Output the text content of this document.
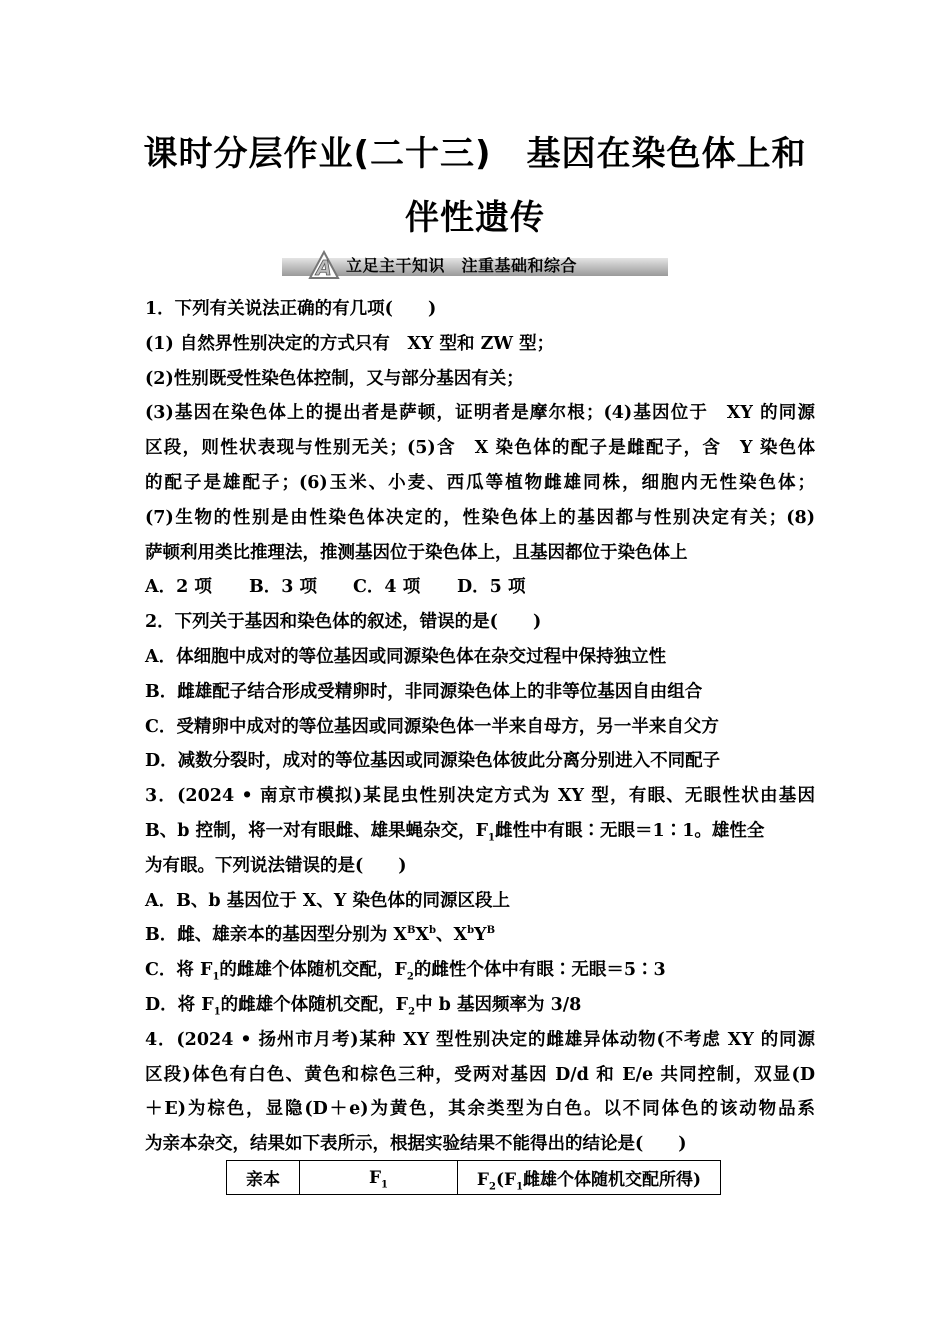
课时分层作业(二十三)　基因在染色体上和
伴性遗传
A 立足主干知识　注重基础和综合
1．下列有关说法正确的有几项(　　)
(1) 自然界性别决定的方式只有　XY 型和 ZW 型；
(2)性别既受性染色体控制，又与部分基因有关；
(3)基因在染色体上的提出者是萨顿，证明者是摩尔根；(4)基因位于　XY 的同源
区段，则性状表现与性别无关；(5)含　X 染色体的配子是雌配子，含　Y 染色体
的配子是雄配子；(6)玉米、小麦、西瓜等植物雌雄同株，细胞内无性染色体；
(7)生物的性别是由性染色体决定的，性染色体上的基因都与性别决定有关；(8)
萨顿利用类比推理法，推测基因位于染色体上，且基因都位于染色体上
A．2 项 B．3 项 C．4 项 D．5 项
2．下列关于基因和染色体的叙述，错误的是(　　)
A．体细胞中成对的等位基因或同源染色体在杂交过程中保持独立性
B．雌雄配子结合形成受精卵时，非同源染色体上的非等位基因自由组合
C．受精卵中成对的等位基因或同源染色体一半来自母方，另一半来自父方
D．减数分裂时，成对的等位基因或同源染色体彼此分离分别进入不同配子
3．(2024 • 南京市模拟)某昆虫性别决定方式为 XY 型，有眼、无眼性状由基因
B、b 控制，将一对有眼雌、雄果蝇杂交，$F_1$雌性中有眼∶无眼＝1∶1。雄性全
为有眼。下列说法错误的是(　　)
A．B、b 基因位于 X、Y 染色体的同源区段上
B．雌、雄亲本的基因型分别为 $X^BX^b$、$X^bY^B$
C．将 $F_1$的雌雄个体随机交配，$F_2$的雌性个体中有眼∶无眼＝5∶3
D．将 $F_1$的雌雄个体随机交配，$F_2$中 b 基因频率为 3/8
4．(2024 • 扬州市月考)某种 XY 型性别决定的雌雄异体动物(不考虑 XY 的同源
区段)体色有白色、黄色和棕色三种，受两对基因 D/d 和 E/e 共同控制，双显(D
＋E)为棕色，显隐(D＋e)为黄色，其余类型为白色。以不同体色的该动物品系
为亲本杂交，结果如下表所示，根据实验结果不能得出的结论是(　　)
亲本	$F_1$	$F_2(F_1$雌雄个体随机交配所得)
